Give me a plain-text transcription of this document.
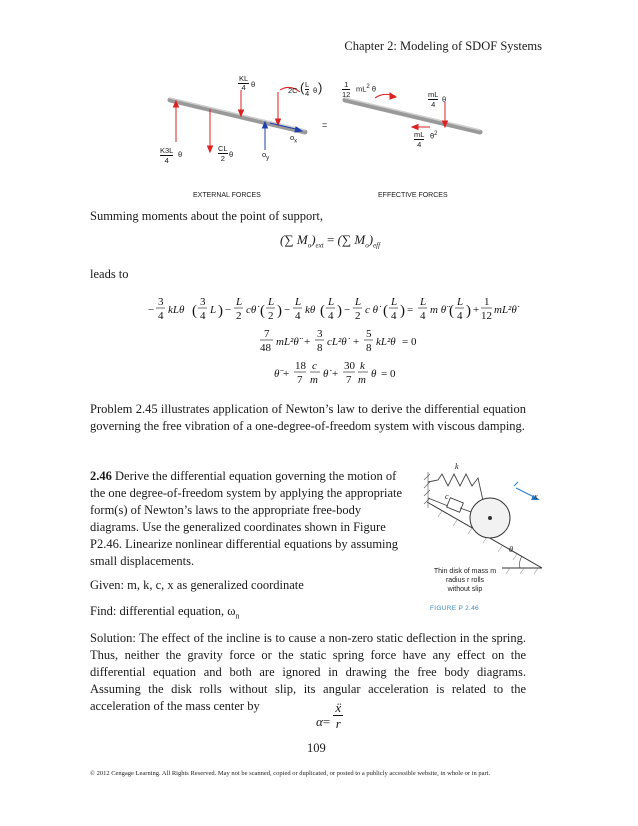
Chapter 2: Modeling of SDOF Systems
$\frac{KL}{4}$ θ
2C ( $\frac{L}{4}$ θ )
$\frac{K3L}{4}$ θ	$\frac{CL}{2}$ θ	$o_y$
$o_x$
=
$\frac{1}{12} mL^2$ θ
$\frac{mL}{4}$ θ
$\frac{mL}{4} \theta^2$
EXTERNAL FORCES	EFFECTIVE FORCES
Summing moments about the point of support,
(∑ $M_o)_{ext}$ = (∑ $M_o)_{eff}$
leads to
−
3
4 kLθ (
3
4 L ) −
L
2 cθ̇ (
L
2 ) −
L
4 kθ (
L
4 ) −
L
2 c θ̇ (
L
4 ) =
L
4 m θ̈ (
L
4 ) +
1
12 mL²θ̈
7
48 mL²θ̈ +
3
8 cL²θ̇ +
5
8 kL²θ = 0
θ̈ +
18
7
c
m θ̇ +
30
7
k
m θ = 0
Problem 2.45 illustrates application of Newton’s law to derive the differential equation governing the free vibration of a one-degree-of-freedom system with viscous damping.
2.46 Derive the differential equation governing the motion of the one degree-of-freedom system by applying the appropriate form(s) of Newton’s laws to the appropriate free-body diagrams. Use the generalized coordinates shown in Figure P2.46. Linearize nonlinear differential equations by assuming small displacements.
k
c	x
θ
Thin disk of mass m
radius r rolls
without slip
FIGURE P 2.46
Given: m, k, c, x as generalized coordinate
Find: differential equation, $\omega_n$
Solution: The effect of the incline is to cause a non-zero static deflection in the spring. Thus, neither the gravity force or the static spring force have any effect on the differential equation and both are ignored in drawing the free body diagrams. Assuming the disk rolls without slip, its angular acceleration is related to the acceleration of the mass center by
$\alpha= \frac{\text{ẍ}}{r}$
109
© 2012 Cengage Learning. All Rights Reserved. May not be scanned, copied or duplicated, or posted to a publicly accessible website, in whole or in part.
